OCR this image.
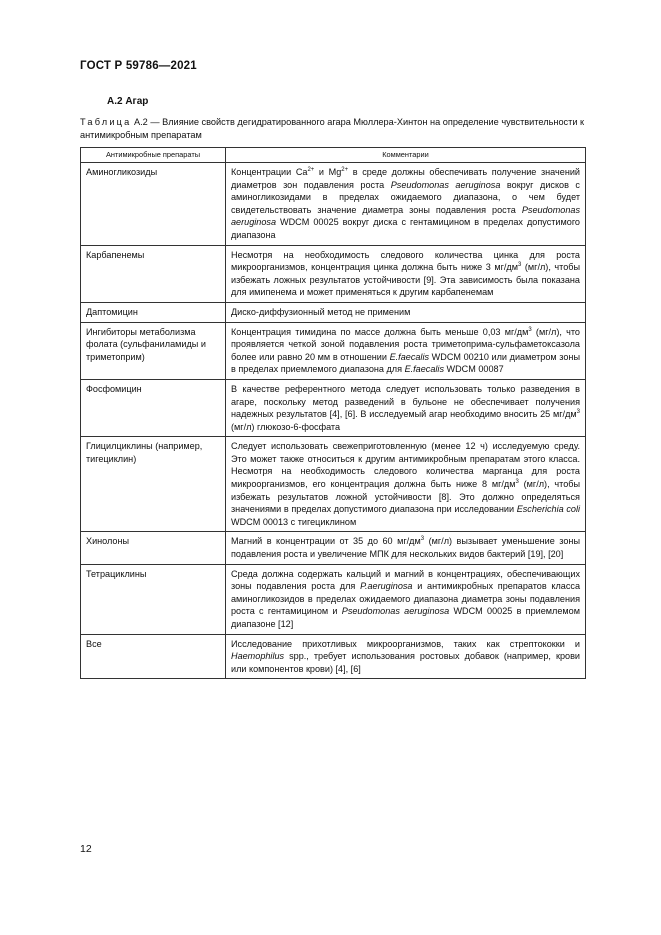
ГОСТ Р 59786—2021
А.2 Агар
Таблица А.2 — Влияние свойств дегидратированного агара Мюллера-Хинтон на определение чувствительности к антимикробным препаратам
Антимикробные препараты	Комментарии
Аминогликозиды	Концентрации $Ca^{2+}$ и $Mg^{2+}$ в среде должны обеспечивать получение значений диаметров зон подавления роста Pseudomonas aeruginosa вокруг дисков с аминогликозидами в пределах ожидаемого диапазона, о чем будет свидетельствовать значение диаметра зоны подавления роста Pseudomonas aeruginosa WDCM 00025 вокруг диска с гентамицином в пределах допустимого диапазона
Карбапенемы	Несмотря на необходимость следового количества цинка для роста микроорганизмов, концентрация цинка должна быть ниже 3 $мг/дм^3$ (мг/л), чтобы избежать ложных результатов устойчивости [9]. Эта зависимость была показана для имипенема и может применяться к другим карбапенемам
Даптомицин	Диско-диффузионный метод не применим
Ингибиторы метаболизма фолата (сульфаниламиды и триметоприм)	Концентрация тимидина по массе должна быть меньше 0,03 $мг/дм^3$ (мг/л), что проявляется четкой зоной подавления роста триметоприма-сульфаметоксазола более или равно 20 мм в отношении E.faecalis WDCM 00210 или диаметром зоны в пределах приемлемого диапазона для E.faecalis WDCM 00087
Фосфомицин	В качестве референтного метода следует использовать только разведения в агаре, поскольку метод разведений в бульоне не обеспечивает получения надежных результатов [4], [6]. В исследуемый агар необходимо вносить 25 $мг/дм^3$ (мг/л) глюкозо-6-фосфата
Глицилциклины (например, тигециклин)	Следует использовать свежеприготовленную (менее 12 ч) исследуемую среду. Это может также относиться к другим антимикробным препаратам этого класса. Несмотря на необходимость следового количества марганца для роста микроорганизмов, его концентрация должна быть ниже 8 $мг/дм^3$ (мг/л), чтобы избежать результатов ложной устойчивости [8]. Это должно определяться значениями в пределах допустимого диапазона при исследовании Escherichia coli WDCM 00013 с тигециклином
Хинолоны	Магний в концентрации от 35 до 60 $мг/дм^3$ (мг/л) вызывает уменьшение зоны подавления роста и увеличение МПК для нескольких видов бактерий [19], [20]
Тетрациклины	Среда должна содержать кальций и магний в концентрациях, обеспечивающих зоны подавления роста для P.aeruginosa и антимикробных препаратов класса аминогликозидов в пределах ожидаемого диапазона диаметра зоны подавления роста с гентамицином и Pseudomonas aeruginosa WDCM 00025 в приемлемом диапазоне [12]
Все	Исследование прихотливых микроорганизмов, таких как стрептококки и Haemophilus spp., требует использования ростовых добавок (например, крови или компонентов крови) [4], [6]
12
